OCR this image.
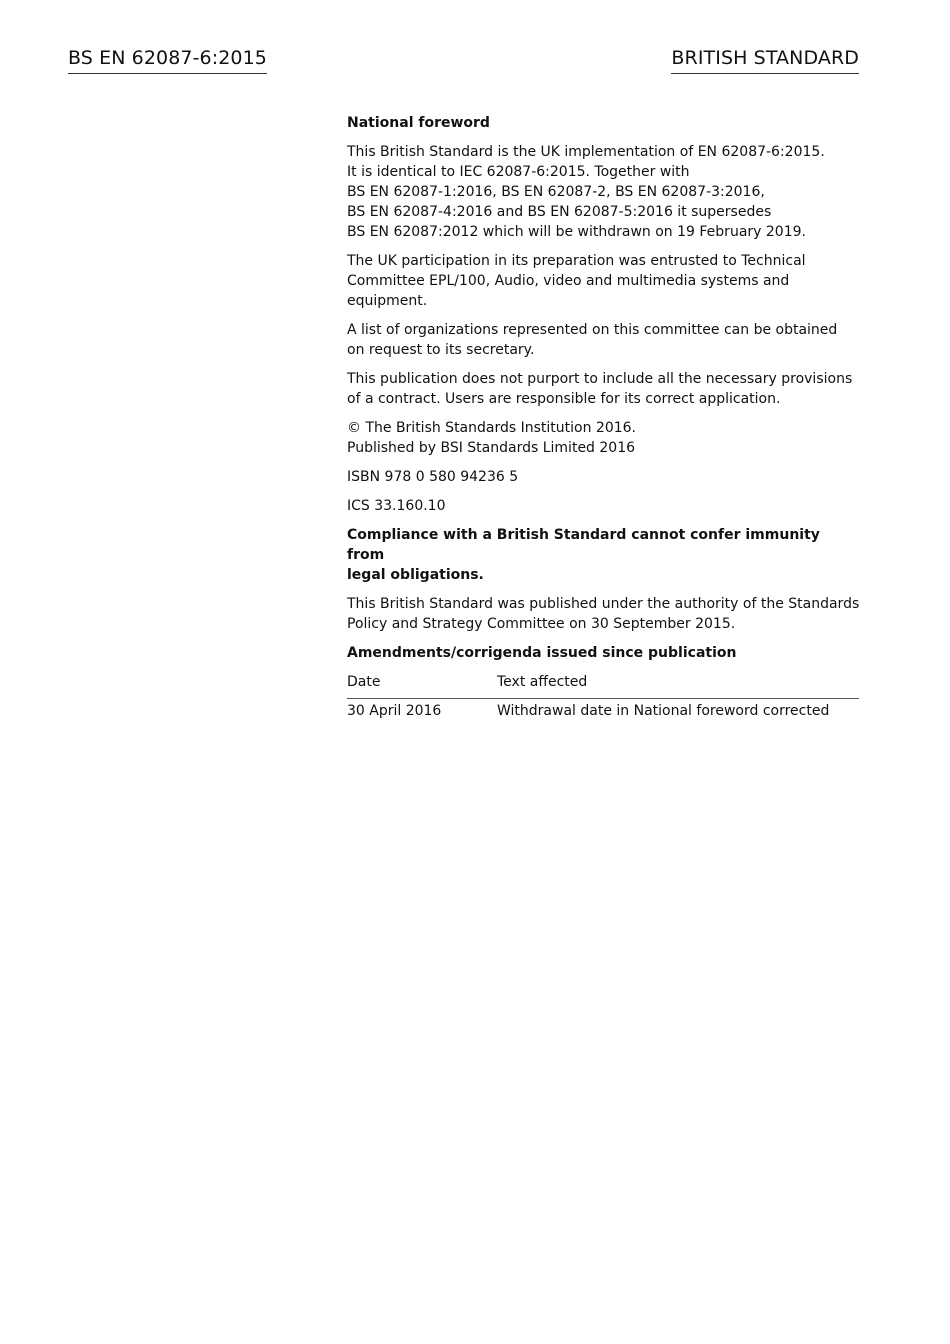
BS EN 62087-6:2015	BRITISH STANDARD
National foreword

This British Standard is the UK implementation of EN 62087-6:2015.
It is identical to IEC 62087-6:2015. Together with
BS EN 62087-1:2016, BS EN 62087-2, BS EN 62087-3:2016,
BS EN 62087-4:2016 and BS EN 62087-5:2016 it supersedes
BS EN 62087:2012 which will be withdrawn on 19 February 2019.

The UK participation in its preparation was entrusted to Technical
Committee EPL/100, Audio, video and multimedia systems and equipment.

A list of organizations represented on this committee can be obtained
on request to its secretary.

This publication does not purport to include all the necessary provisions
of a contract. Users are responsible for its correct application.

© The British Standards Institution 2016.
Published by BSI Standards Limited 2016

ISBN 978 0 580 94236 5

ICS 33.160.10

Compliance with a British Standard cannot confer immunity from
legal obligations.

This British Standard was published under the authority of the Standards
Policy and Strategy Committee on 30 September 2015.

Amendments/corrigenda issued since publication
Date	Text affected
30 April 2016	Withdrawal date in National foreword corrected
